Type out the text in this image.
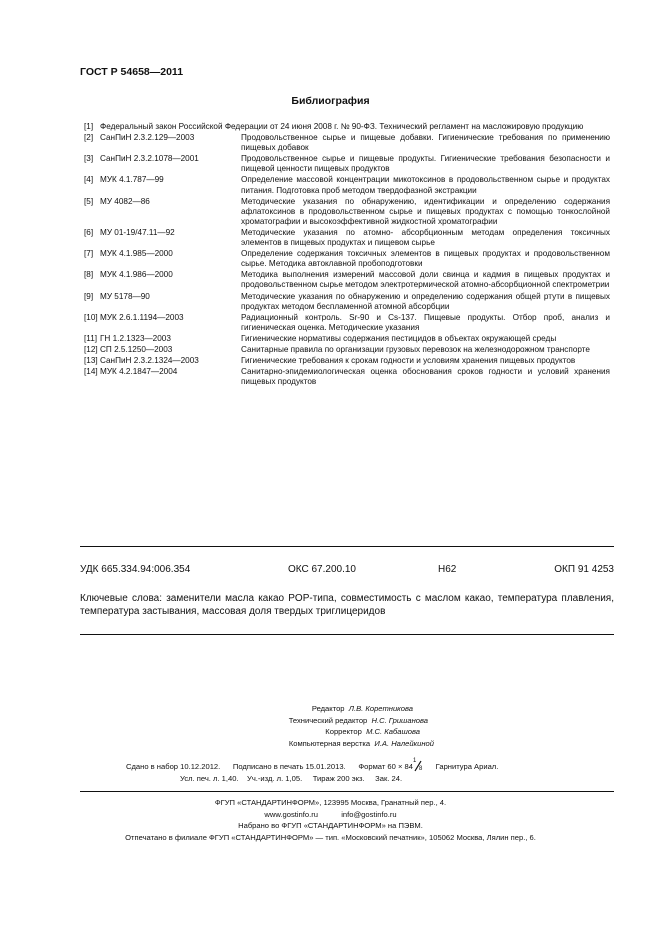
ГОСТ Р 54658—2011
Библиография
[1] Федеральный закон Российской Федерации от 24 июня 2008 г. № 90-ФЗ. Технический регламент на масложировую продукцию
[2] СанПиН 2.3.2.129—2003	Продовольственное сырье и пищевые добавки. Гигиенические требования по применению пищевых добавок
[3] СанПиН 2.3.2.1078—2001	Продовольственное сырье и пищевые продукты. Гигиенические требования безопасности и пищевой ценности пищевых продуктов
[4] МУК 4.1.787—99	Определение массовой концентрации микотоксинов в продовольственном сырье и продуктах питания. Подготовка проб методом твердофазной экстракции
[5] МУ 4082—86	Методические указания по обнаружению, идентификации и определению содержания афлатоксинов в продовольственном сырье и пищевых продуктах с помощью тонкослойной хроматографии и высокоэффективной жидкостной хроматографии
[6] МУ 01-19/47.11—92	Методические указания по атомно- абсорбционным методам определения токсичных элементов в пищевых продуктах и пищевом сырье
[7] МУК 4.1.985—2000	Определение содержания токсичных элементов в пищевых продуктах и продовольственном сырье. Методика автоклавной пробоподготовки
[8] МУК 4.1.986—2000	Методика выполнения измерений массовой доли свинца и кадмия в пищевых продуктах и продовольственном сырье методом электротермической атомно-абсорбционной спектрометрии
[9] МУ 5178—90	Методические указания по обнаружению и определению содержания общей ртути в пищевых продуктах методом беспламенной атомной абсорбции
[10] МУК 2.6.1.1194—2003	Радиационный контроль. Sr-90 и Cs-137. Пищевые продукты. Отбор проб, анализ и гигиеническая оценка. Методические указания
[11] ГН 1.2.1323—2003	Гигиенические нормативы содержания пестицидов в объектах окружающей среды
[12] СП 2.5.1250—2003	Санитарные правила по организации грузовых перевозок на железнодорожном транспорте
[13] СанПиН 2.3.2.1324—2003	Гигиенические требования к срокам годности и условиям хранения пищевых продуктов
[14] МУК 4.2.1847—2004	Санитарно-эпидемиологическая оценка обоснования сроков годности и условий хранения пищевых продуктов
УДК 665.334.94:006.354	ОКС 67.200.10	Н62	ОКП 91 4253
Ключевые слова: заменители масла какао POP-типа, совместимость с маслом какао, температура плавления, температура застывания, массовая доля твердых триглицеридов
Редактор Л.В. Коретникова
Технический редактор Н.С. Гришанова
Корректор М.С. Кабашова
Компьютерная верстка И.А. Налейкиной
Сдано в набор 10.12.2012. Подписано в печать 15.01.2013. Формат 60 × 84
1
8 Гарнитура Ариал.
Усл. печ. л. 1,40. Уч.-изд. л. 1,05. Тираж 200 экз. Зак. 24.
ФГУП «СТАНДАРТИНФОРМ», 123995 Москва, Гранатный пер., 4.
www.gostinfo.ru	info@gostinfo.ru
Набрано во ФГУП «СТАНДАРТИНФОРМ» на ПЭВМ.
Отпечатано в филиале ФГУП «СТАНДАРТИНФОРМ» — тип. «Московский печатник», 105062 Москва, Лялин пер., 6.
